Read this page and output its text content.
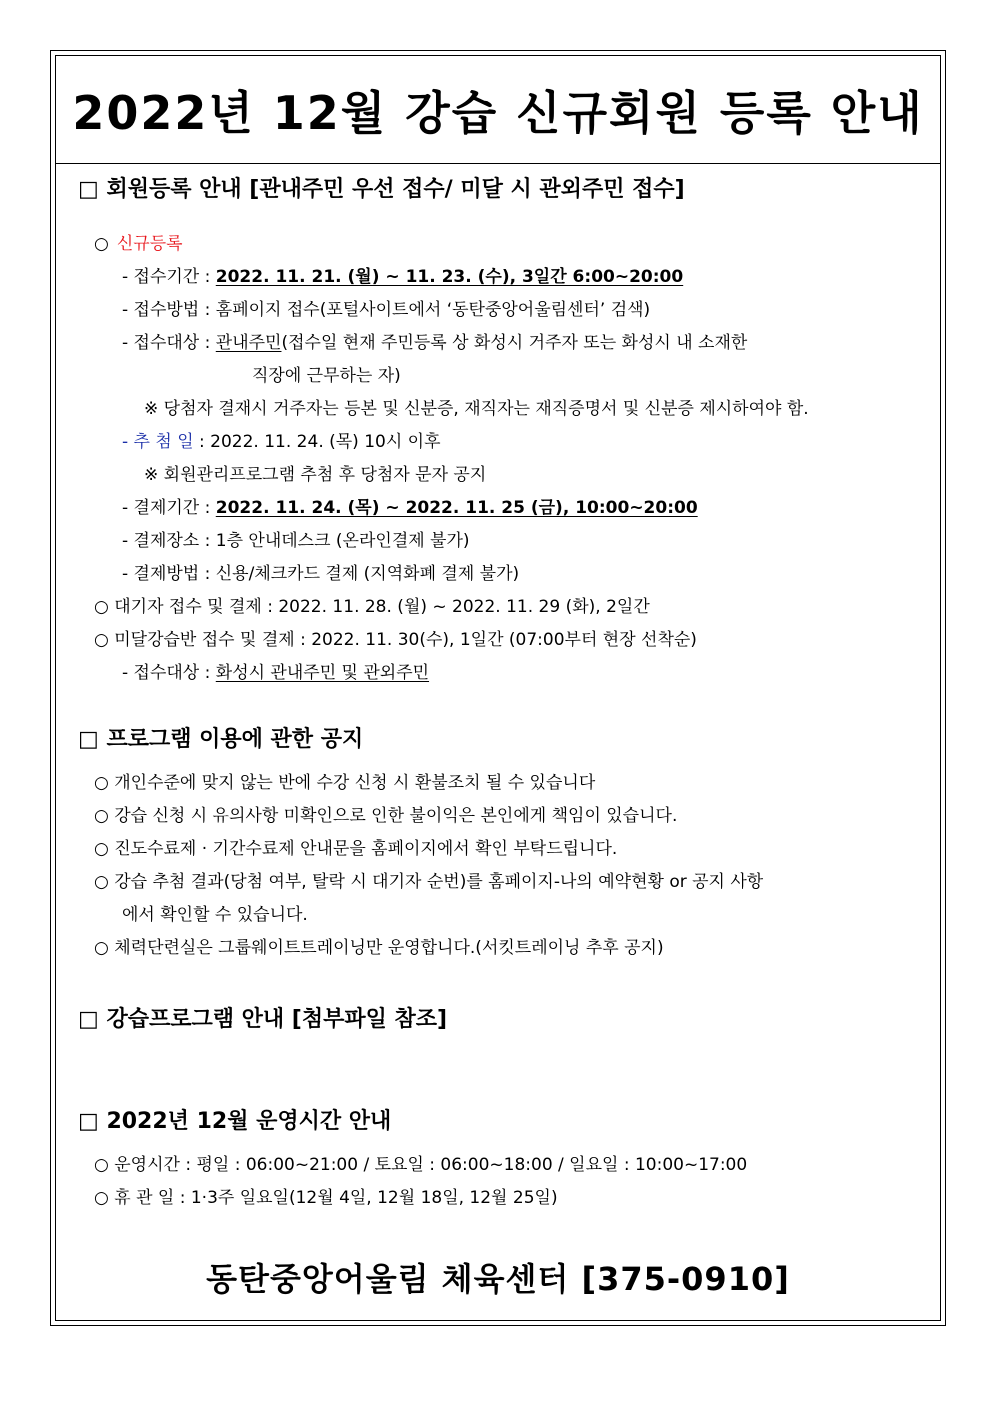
2022년 12월 강습 신규회원 등록 안내
□ 회원등록 안내 [관내주민 우선 접수/ 미달 시 관외주민 접수]
○ 신규등록
- 접수기간 : 2022. 11. 21. (월) ~ 11. 23. (수), 3일간 6:00~20:00
- 접수방법 : 홈페이지 접수(포털사이트에서 ‘동탄중앙어울림센터’ 검색)
- 접수대상 : 관내주민(접수일 현재 주민등록 상 화성시 거주자 또는 화성시 내 소재한
직장에 근무하는 자)
※ 당첨자 결재시 거주자는 등본 및 신분증, 재직자는 재직증명서 및 신분증 제시하여야 함.
- 추 첨 일 : 2022. 11. 24. (목) 10시 이후
※ 회원관리프로그램 추첨 후 당첨자 문자 공지
- 결제기간 : 2022. 11. 24. (목) ~ 2022. 11. 25 (금), 10:00~20:00
- 결제장소 : 1층 안내데스크 (온라인결제 불가)
- 결제방법 : 신용/체크카드 결제 (지역화폐 결제 불가)
○ 대기자 접수 및 결제 : 2022. 11. 28. (월) ~ 2022. 11. 29 (화), 2일간
○ 미달강습반 접수 및 결제 : 2022. 11. 30(수), 1일간 (07:00부터 현장 선착순)
- 접수대상 : 화성시 관내주민 및 관외주민
□ 프로그램 이용에 관한 공지
○ 개인수준에 맞지 않는 반에 수강 신청 시 환불조치 될 수 있습니다
○ 강습 신청 시 유의사항 미확인으로 인한 불이익은 본인에게 책임이 있습니다.
○ 진도수료제 · 기간수료제 안내문을 홈페이지에서 확인 부탁드립니다.
○ 강습 추첨 결과(당첨 여부, 탈락 시 대기자 순번)를 홈페이지-나의 예약현황 or 공지 사항
에서 확인할 수 있습니다.
○ 체력단련실은 그룹웨이트트레이닝만 운영합니다.(서킷트레이닝 추후 공지)
□ 강습프로그램 안내 [첨부파일 참조]
□ 2022년 12월 운영시간 안내
○ 운영시간 : 평일 : 06:00~21:00 / 토요일 : 06:00~18:00 / 일요일 : 10:00~17:00
○ 휴 관 일 : 1·3주 일요일(12월 4일, 12월 18일, 12월 25일)
동탄중앙어울림 체육센터 [375-0910]
